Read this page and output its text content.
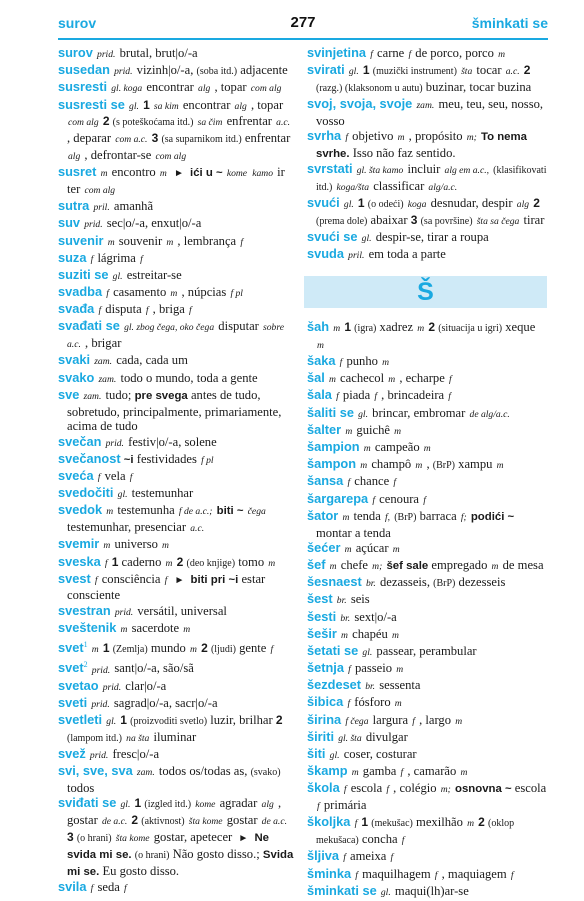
surov	277	šminkati se
surov prid. brutal, brut|o/-a
susedan prid. vizinh|o/-a, (soba itd.) adjacente
susresti gl. koga encontrar alg , topar com alg
susresti se gl. 1 sa kim encontrar alg , topar com alg 2 (s poteškoćama itd.) sa čim enfrentar a.c. , deparar com a.c. 3 (sa suparnikom itd.) enfrentar alg , defrontar-se com alg
susret m encontro m ► ići u ~ kome kamo ir ter com alg
sutra pril. amanhã
suv prid. sec|o/-a, enxut|o/-a
suvenir m souvenir m , lembrança f
suza f lágrima f
suziti se gl. estreitar-se
svadba f casamento m , núpcias f pl
svađa f disputa f , briga f
svađati se gl. zbog čega, oko čega disputar sobre a.c. , brigar
svaki zam. cada, cada um
svako zam. todo o mundo, toda a gente
sve zam. tudo; pre svega antes de tudo, sobretudo, principalmente, primariamente, acima de tudo
svečan prid. festiv|o/-a, solene
svečanost ~i festividades f pl
sveća f vela f
svedočiti gl. testemunhar
svedok m testemunha f de a.c.; biti ~ čega testemunhar, presenciar a.c.
svemir m universo m
sveska f 1 caderno m 2 (deo knjige) tomo m
svest f consciência f ► biti pri ~i estar consciente
svestran prid. versátil, universal
sveštenik m sacerdote m
svet$^1$ m 1 (Zemlja) mundo m 2 (ljudi) gente f
svet$^2$ prid. sant|o/-a, são/sã
svetao prid. clar|o/-a
sveti prid. sagrad|o/-a, sacr|o/-a
svetleti gl. 1 (proizvoditi svetlo) luzir, brilhar 2 (lampom itd.) na šta iluminar
svež prid. fresc|o/-a
svi, sve, sva zam. todos os/todas as, (svako) todos
sviđati se gl. 1 (izgled itd.) kome agradar alg , gostar de a.c. 2 (aktivnost) šta kome gostar de a.c. 3 (o hrani) šta kome gostar, apetecer ► Ne svida mi se. (o hrani) Não gosto disso.; Svida mi se. Eu gosto disso.
svila f seda f
svinjetina f carne f de porco, porco m
svirati gl. 1 (muzički instrument) šta tocar a.c. 2 (razg.) (klaksonom u autu) buzinar, tocar buzina
svoj, svoja, svoje zam. meu, teu, seu, nosso, vosso
svrha f objetivo m , propósito m; To nema svrhe. Isso não faz sentido.
svrstati gl. šta kamo incluir alg em a.c., (klasifikovati itd.) koga/šta classificar alg/a.c.
svući gl. 1 (o odeći) koga desnudar, despir alg 2 (prema dole) abaixar 3 (sa površine) šta sa čega tirar
svući se gl. despir-se, tirar a roupa
svuda pril. em toda a parte
Š
šah m 1 (igra) xadrez m 2 (situacija u igri) xeque m
šaka f punho m
šal m cachecol m , echarpe f
šala f piada f , brincadeira f
šaliti se gl. brincar, embromar de alg/a.c.
šalter m guichê m
šampion m campeão m
šampon m champô m , (BrP) xampu m
šansa f chance f
šargarepa f cenoura f
šator m tenda f, (BrP) barraca f; podići ~ montar a tenda
šećer m açúcar m
šef m chefe m; šef sale empregado m de mesa
šesnaest br. dezasseis, (BrP) dezesseis
šest br. seis
šesti br. sext|o/-a
šešir m chapéu m
šetati se gl. passear, perambular
šetnja f passeio m
šezdeset br. sessenta
šibica f fósforo m
širina f čega largura f , largo m
širiti gl. šta divulgar
šiti gl. coser, costurar
škamp m gamba f , camarão m
škola f escola f , colégio m; osnovna ~ escola f primária
školjka f 1 (mekušac) mexilhão m 2 (oklop mekušaca) concha f
šljiva f ameixa f
šminka f maquilhagem f , maquiagem f
šminkati se gl. maqui(lh)ar-se
